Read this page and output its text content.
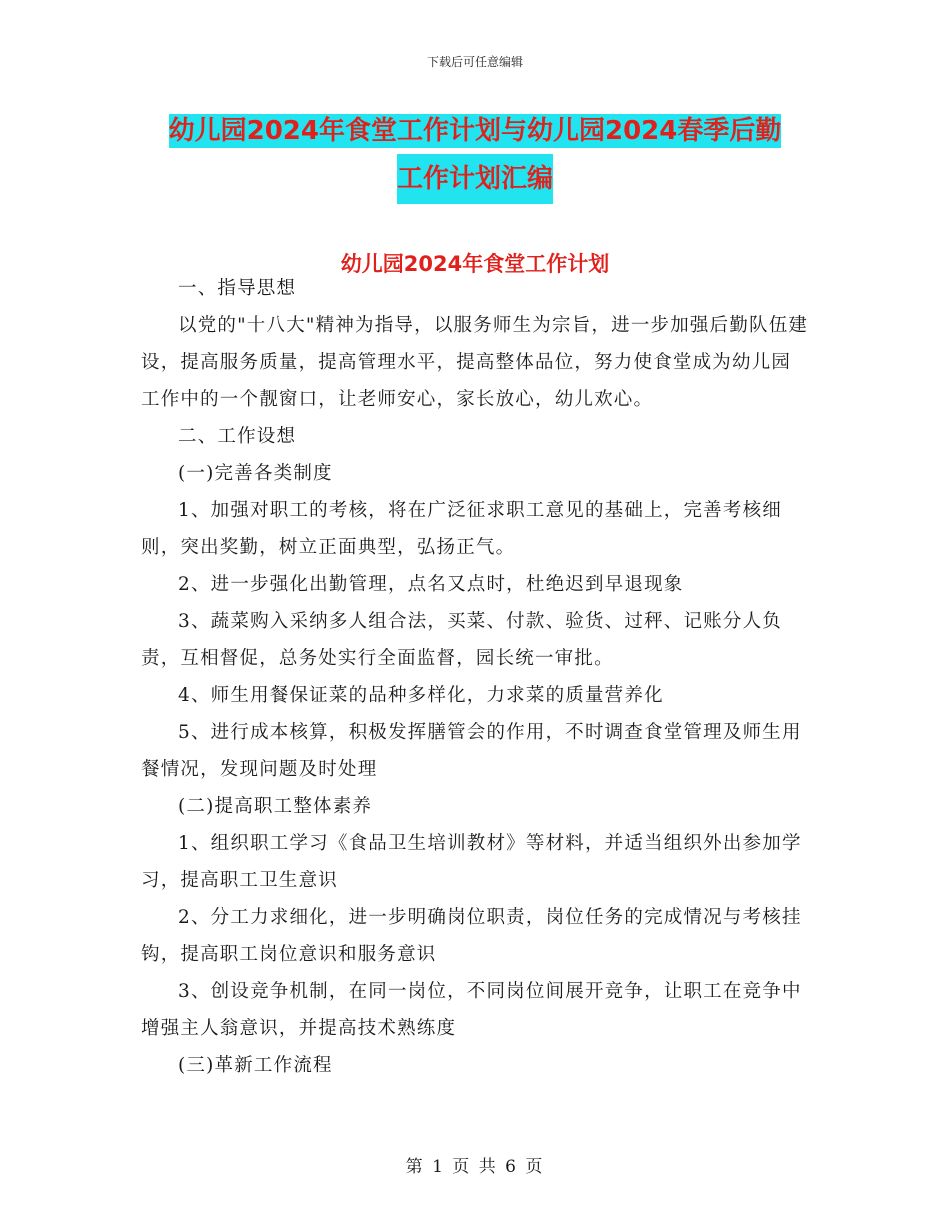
下载后可任意编辑
幼儿园2024年食堂工作计划与幼儿园2024春季后勤
工作计划汇编
幼儿园2024年食堂工作计划

一、指导思想

以党的"十八大"精神为指导，以服务师生为宗旨，进一步加强后勤队伍建设，提高服务质量，提高管理水平，提高整体品位，努力使食堂成为幼儿园工作中的一个靓窗口，让老师安心，家长放心，幼儿欢心。

二、工作设想

(一)完善各类制度

1、加强对职工的考核，将在广泛征求职工意见的基础上，完善考核细则，突出奖勤，树立正面典型，弘扬正气。

2、进一步强化出勤管理，点名又点时，杜绝迟到早退现象

3、蔬菜购入采纳多人组合法，买菜、付款、验货、过秤、记账分人负责，互相督促，总务处实行全面监督，园长统一审批。

4、师生用餐保证菜的品种多样化，力求菜的质量营养化

5、进行成本核算，积极发挥膳管会的作用，不时调查食堂管理及师生用餐情况，发现问题及时处理

(二)提高职工整体素养

1、组织职工学习《食品卫生培训教材》等材料，并适当组织外出参加学习，提高职工卫生意识

2、分工力求细化，进一步明确岗位职责，岗位任务的完成情况与考核挂钩，提高职工岗位意识和服务意识

3、创设竞争机制，在同一岗位，不同岗位间展开竞争，让职工在竞争中增强主人翁意识，并提高技术熟练度

(三)革新工作流程

第 1 页 共 6 页
